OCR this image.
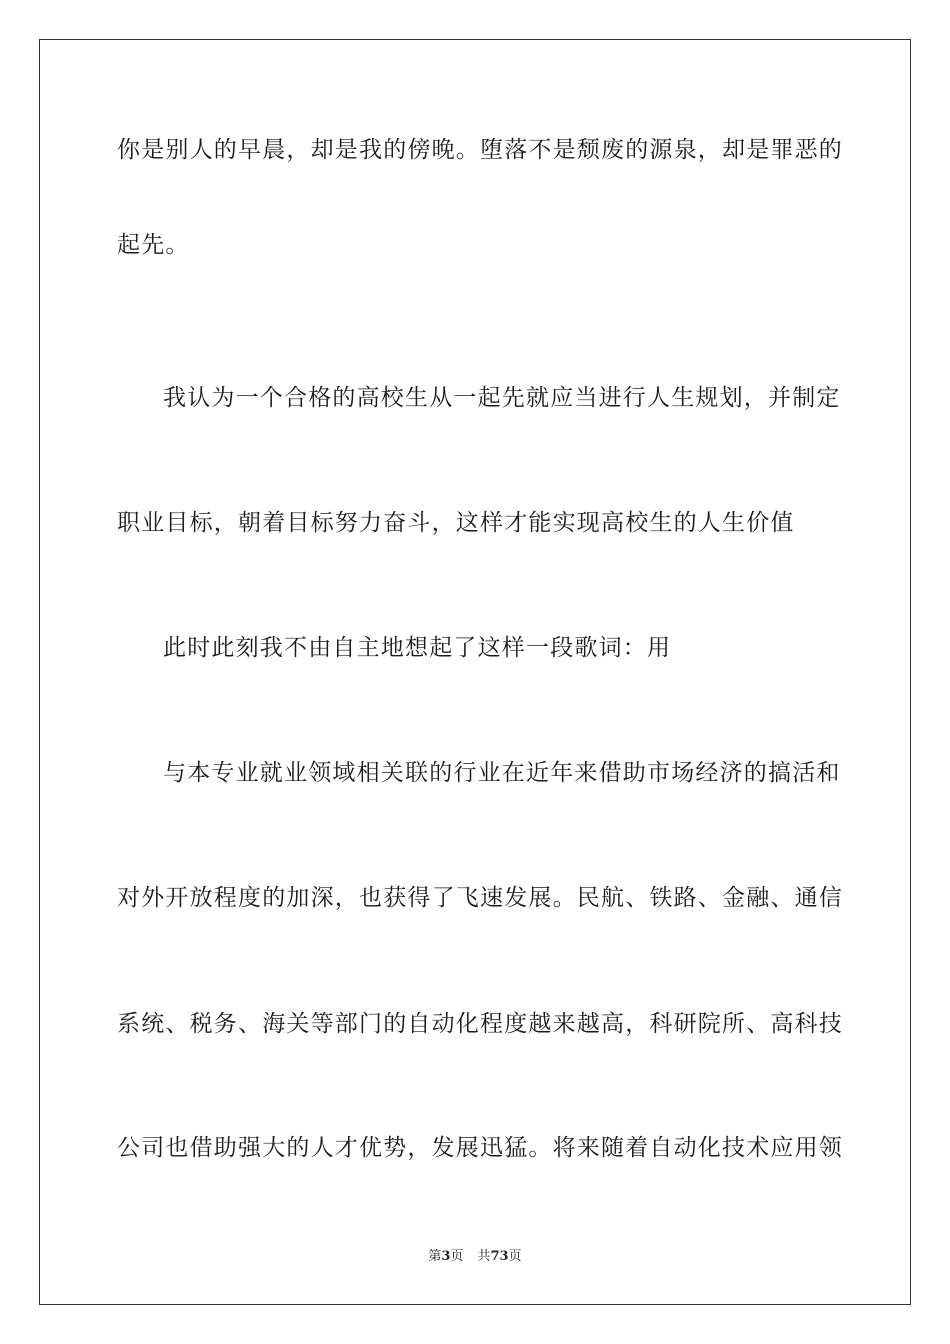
你是别人的早晨，却是我的傍晚。堕落不是颓废的源泉，却是罪恶的
起先。
我认为一个合格的高校生从一起先就应当进行人生规划，并制定
职业目标，朝着目标努力奋斗，这样才能实现高校生的人生价值
此时此刻我不由自主地想起了这样一段歌词：用
与本专业就业领域相关联的行业在近年来借助市场经济的搞活和
对外开放程度的加深，也获得了飞速发展。民航、铁路、金融、通信
系统、税务、海关等部门的自动化程度越来越高，科研院所、高科技
公司也借助强大的人才优势，发展迅猛。将来随着自动化技术应用领
第3页 共73页
